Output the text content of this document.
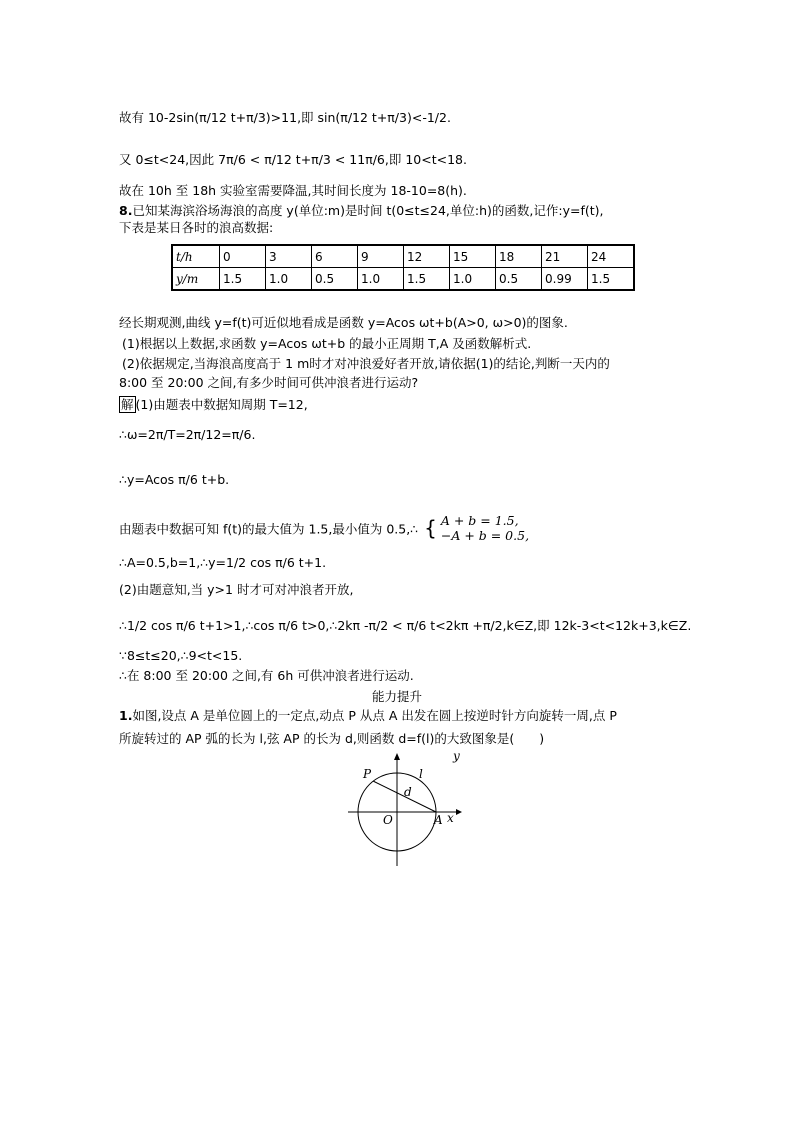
故有 10-2sin(π/12 t+π/3)>11,即 sin(π/12 t+π/3)<-1/2.
又 0≤t<24,因此 7π/6 < π/12 t+π/3 < 11π/6,即 10<t<18.
故在 10h 至 18h 实验室需要降温,其时间长度为 18-10=8(h).
8.已知某海滨浴场海浪的高度 y(单位:m)是时间 t(0≤t≤24,单位:h)的函数,记作:y=f(t),
下表是某日各时的浪高数据:
t/h	0	3	6	9	12	15	18	21	24
y/m	1.5	1.0	0.5	1.0	1.5	1.0	0.5	0.99	1.5
经长期观测,曲线 y=f(t)可近似地看成是函数 y=Acos ωt+b(A>0, ω>0)的图象.
(1)根据以上数据,求函数 y=Acos ωt+b 的最小正周期 T,A 及函数解析式.
(2)依据规定,当海浪高度高于 1 m时才对冲浪爱好者开放,请依据(1)的结论,判断一天内的
8:00 至 20:00 之间,有多少时间可供冲浪者进行运动?
解 (1)由题表中数据知周期 T=12,
∴ω=2π/T=2π/12=π/6.
∴y=Acos π/6 t+b.
由题表中数据可知 f(t)的最大值为 1.5,最小值为 0.5,∴ { A + b = 1.5,
−A + b = 0.5,
∴A=0.5,b=1,∴y=1/2 cos π/6 t+1.
(2)由题意知,当 y>1 时才可对冲浪者开放,
∴1/2 cos π/6 t+1>1,∴cos π/6 t>0,∴2kπ -π/2 < π/6 t<2kπ +π/2,k∈Z,即 12k-3<t<12k+3,k∈Z.
∵8≤t≤20,∴9<t<15.
∴在 8:00 至 20:00 之间,有 6h 可供冲浪者进行运动.
能力提升
1.如图,设点 A 是单位圆上的一定点,动点 P 从点 A 出发在圆上按逆时针方向旋转一周,点 P
所旋转过的 AP 弧的长为 l,弦 AP 的长为 d,则函数 d=f(l)的大致图象是(　　)
y
x
O	A
P	l
d
